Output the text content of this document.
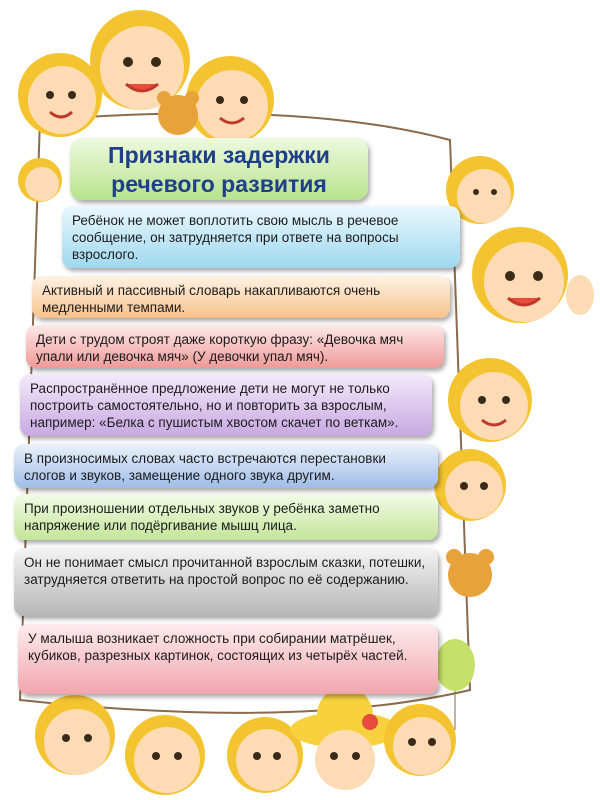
Признаки задержки
речевого развития
Ребёнок не может воплотить свою мысль в речевое сообщение, он затрудняется при ответе на вопросы взрослого.
Активный и пассивный словарь накапливаются очень медленными темпами.
Дети с трудом строят даже короткую фразу: «Девочка мяч упали или девочка мяч» (У девочки упал мяч).
Распространённое предложение дети не могут не только построить самостоятельно, но и повторить за взрослым, например: «Белка с пушистым хвостом скачет по веткам».
В произносимых словах часто встречаются перестановки слогов и звуков, замещение одного звука другим.
При произношении отдельных звуков у ребёнка заметно напряжение или подёргивание мышц лица.
Он не понимает смысл прочитанной взрослым сказки, потешки, затрудняется ответить на простой вопрос по её содержанию.
У малыша возникает сложность при собирании матрёшек, кубиков, разрезных картинок, состоящих из четырёх частей.
